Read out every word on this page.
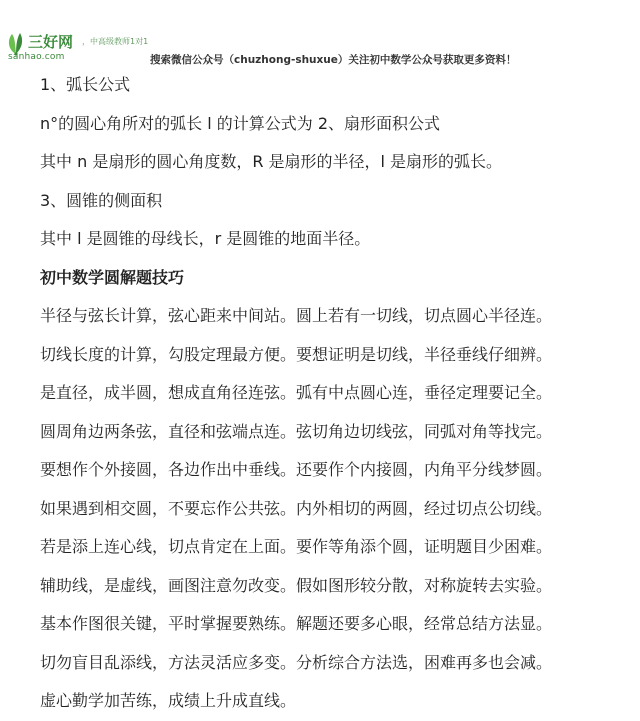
三好网 ，中高级教师1对1
sanhao.com	搜索微信公众号（chuzhong-shuxue）关注初中数学公众号获取更多资料！
1、弧长公式
n°的圆心角所对的弧长 l 的计算公式为 2、扇形面积公式
其中 n 是扇形的圆心角度数，R 是扇形的半径，l 是扇形的弧长。
3、圆锥的侧面积
其中 l 是圆锥的母线长，r 是圆锥的地面半径。
初中数学圆解题技巧
半径与弦长计算，弦心距来中间站。圆上若有一切线，切点圆心半径连。
切线长度的计算，勾股定理最方便。要想证明是切线，半径垂线仔细辨。
是直径，成半圆，想成直角径连弦。弧有中点圆心连，垂径定理要记全。
圆周角边两条弦，直径和弦端点连。弦切角边切线弦，同弧对角等找完。
要想作个外接圆，各边作出中垂线。还要作个内接圆，内角平分线梦圆。
如果遇到相交圆，不要忘作公共弦。内外相切的两圆，经过切点公切线。
若是添上连心线，切点肯定在上面。要作等角添个圆，证明题目少困难。
辅助线，是虚线，画图注意勿改变。假如图形较分散，对称旋转去实验。
基本作图很关键，平时掌握要熟练。解题还要多心眼，经常总结方法显。
切勿盲目乱添线，方法灵活应多变。分析综合方法选，困难再多也会减。
虚心勤学加苦练，成绩上升成直线。
